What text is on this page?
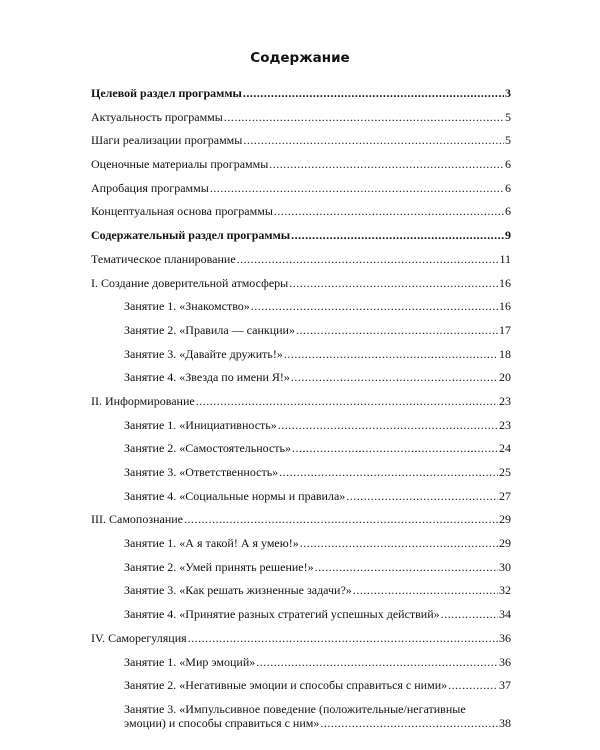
Содержание
Целевой раздел программы .....	3
Актуальность программы .....	5
Шаги реализации программы .....	5
Оценочные материалы программы .....	6
Апробация программы .....	6
Концептуальная основа программы .....	6
Содержательный раздел программы .....	9
Тематическое планирование .....	11
I. Создание доверительной атмосферы .....	16
Занятие 1. «Знакомство» .....	16
Занятие 2. «Правила — санкции» .....	17
Занятие 3. «Давайте дружить!» .....	18
Занятие 4. «Звезда по имени Я!» .....	20
II. Информирование .....	23
Занятие 1. «Инициативность» .....	23
Занятие 2. «Самостоятельность» .....	24
Занятие 3. «Ответственность» .....	25
Занятие 4. «Социальные нормы и правила» .....	27
III. Самопознание .....	29
Занятие 1. «А я такой! А я умею!» .....	29
Занятие 2. «Умей принять решение!» .....	30
Занятие 3. «Как решать жизненные задачи?» .....	32
Занятие 4. «Принятие разных стратегий успешных действий» .....	34
IV. Саморегуляция .....	36
Занятие 1. «Мир эмоций» .....	36
Занятие 2. «Негативные эмоции и способы справиться с ними» .....	37
Занятие 3. «Импульсивное поведение (положительные/негативные
эмоции) и способы справиться с ним» .....	38
